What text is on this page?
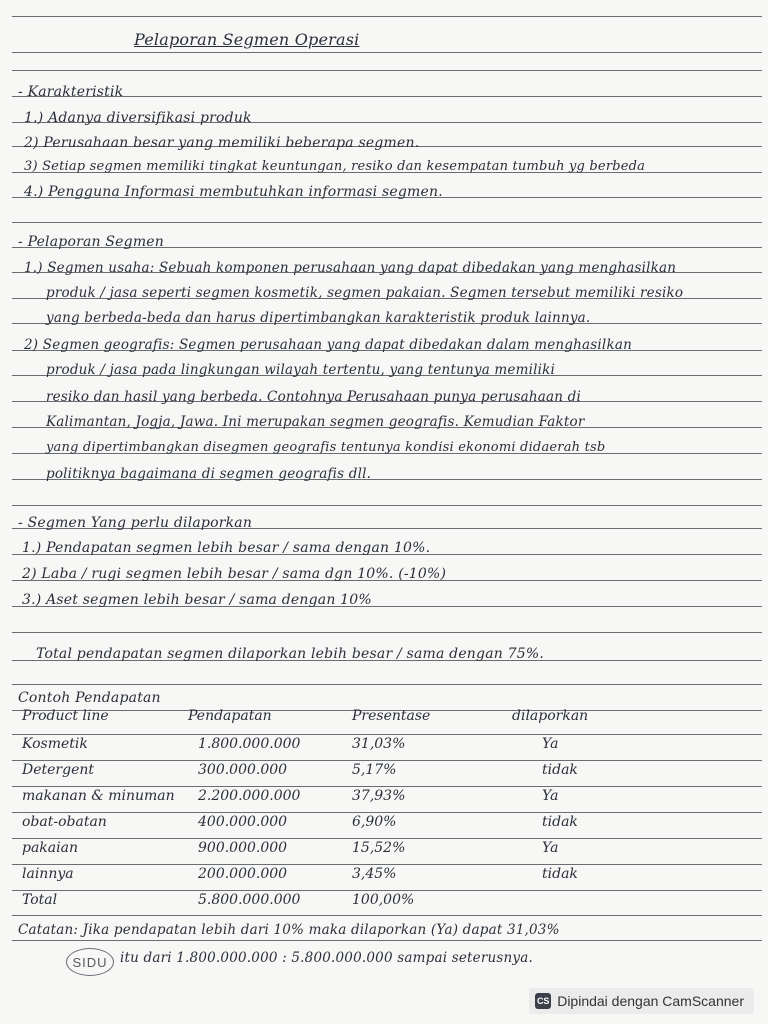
Pelaporan Segmen Operasi
- Karakteristik
1.) Adanya diversifikasi produk
2) Perusahaan besar yang memiliki beberapa segmen.
3) Setiap segmen memiliki tingkat keuntungan, resiko dan kesempatan tumbuh yg berbeda
4.) Pengguna Informasi membutuhkan informasi segmen.
- Pelaporan Segmen
1.) Segmen usaha: Sebuah komponen perusahaan yang dapat dibedakan yang menghasilkan
produk / jasa seperti segmen kosmetik, segmen pakaian. Segmen tersebut memiliki resiko
yang berbeda-beda dan harus dipertimbangkan karakteristik produk lainnya.
2) Segmen geografis: Segmen perusahaan yang dapat dibedakan dalam menghasilkan
produk / jasa pada lingkungan wilayah tertentu, yang tentunya memiliki
resiko dan hasil yang berbeda. Contohnya Perusahaan punya perusahaan di
Kalimantan, Jogja, Jawa. Ini merupakan segmen geografis. Kemudian Faktor
yang dipertimbangkan disegmen geografis tentunya kondisi ekonomi didaerah tsb
politiknya bagaimana di segmen geografis dll.
- Segmen Yang perlu dilaporkan
1.) Pendapatan segmen lebih besar / sama dengan 10%.
2) Laba / rugi segmen lebih besar / sama dgn 10%. (-10%)
3.) Aset segmen lebih besar / sama dengan 10%
Total pendapatan segmen dilaporkan lebih besar / sama dengan 75%.
Contoh Pendapatan
Product line	Pendapatan	Presentase	dilaporkan
Kosmetik	1.800.000.000	31,03%	Ya
Detergent	300.000.000	5,17%	tidak
makanan & minuman 2.200.000.000	37,93%	Ya
obat-obatan	400.000.000	6,90%	tidak
pakaian	900.000.000	15,52%	Ya
lainnya	200.000.000	3,45%	tidak
Total	5.800.000.000	100,00%
Catatan: Jika pendapatan lebih dari 10% maka dilaporkan (Ya) dapat 31,03%
itu dari 1.800.000.000 : 5.800.000.000 sampai seterusnya.
SIDU
CS Dipindai dengan CamScanner
